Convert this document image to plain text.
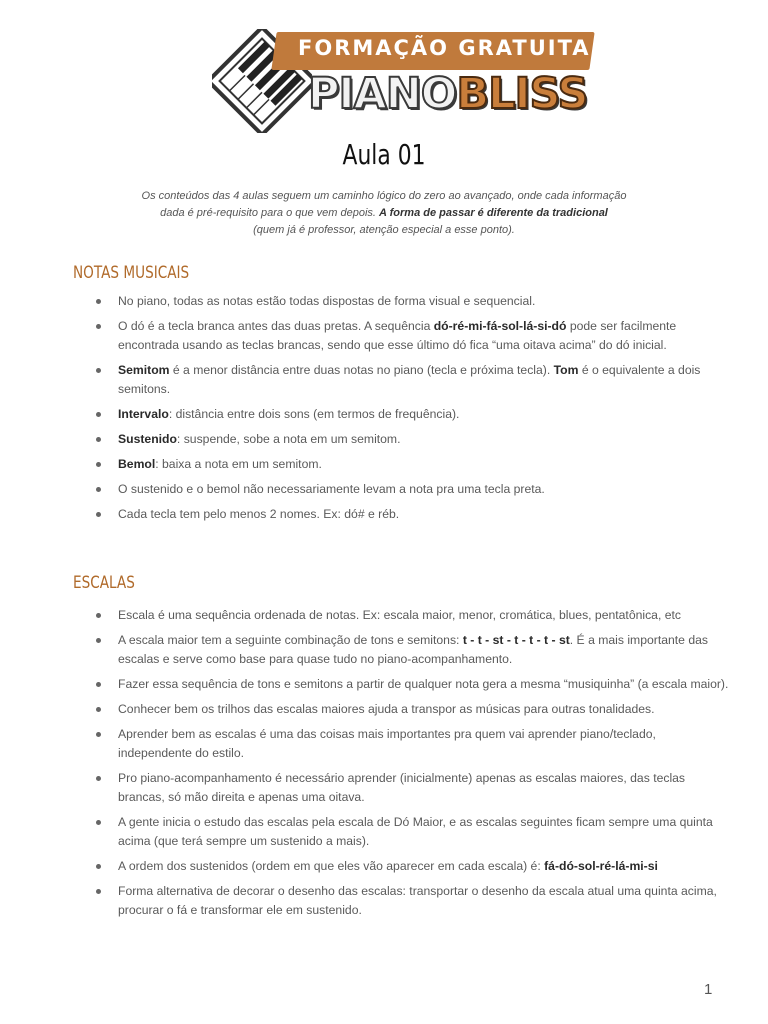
FORMAÇÃO GRATUITA
PIANOBLISS
Aula 01
Os conteúdos das 4 aulas seguem um caminho lógico do zero ao avançado, onde cada informação
dada é pré-requisito para o que vem depois. A forma de passar é diferente da tradicional
(quem já é professor, atenção especial a esse ponto).
NOTAS MUSICAIS
No piano, todas as notas estão todas dispostas de forma visual e sequencial.
O dó é a tecla branca antes das duas pretas. A sequência dó-ré-mi-fá-sol-lá-si-dó pode ser facilmente encontrada usando as teclas brancas, sendo que esse último dó fica “uma oitava acima” do dó inicial.
Semitom é a menor distância entre duas notas no piano (tecla e próxima tecla). Tom é o equivalente a dois semitons.
Intervalo: distância entre dois sons (em termos de frequência).
Sustenido: suspende, sobe a nota em um semitom.
Bemol: baixa a nota em um semitom.
O sustenido e o bemol não necessariamente levam a nota pra uma tecla preta.
Cada tecla tem pelo menos 2 nomes. Ex: dó# e réb.
ESCALAS
Escala é uma sequência ordenada de notas. Ex: escala maior, menor, cromática, blues, pentatônica, etc
A escala maior tem a seguinte combinação de tons e semitons: t - t - st - t - t - t - st. É a mais importante das escalas e serve como base para quase tudo no piano-acompanhamento.
Fazer essa sequência de tons e semitons a partir de qualquer nota gera a mesma “musiquinha” (a escala maior).
Conhecer bem os trilhos das escalas maiores ajuda a transpor as músicas para outras tonalidades.
Aprender bem as escalas é uma das coisas mais importantes pra quem vai aprender piano/teclado, independente do estilo.
Pro piano-acompanhamento é necessário aprender (inicialmente) apenas as escalas maiores, das teclas brancas, só mão direita e apenas uma oitava.
A gente inicia o estudo das escalas pela escala de Dó Maior, e as escalas seguintes ficam sempre uma quinta acima (que terá sempre um sustenido a mais).
A ordem dos sustenidos (ordem em que eles vão aparecer em cada escala) é: fá-dó-sol-ré-lá-mi-si
Forma alternativa de decorar o desenho das escalas: transportar o desenho da escala atual uma quinta acima, procurar o fá e transformar ele em sustenido.
1
